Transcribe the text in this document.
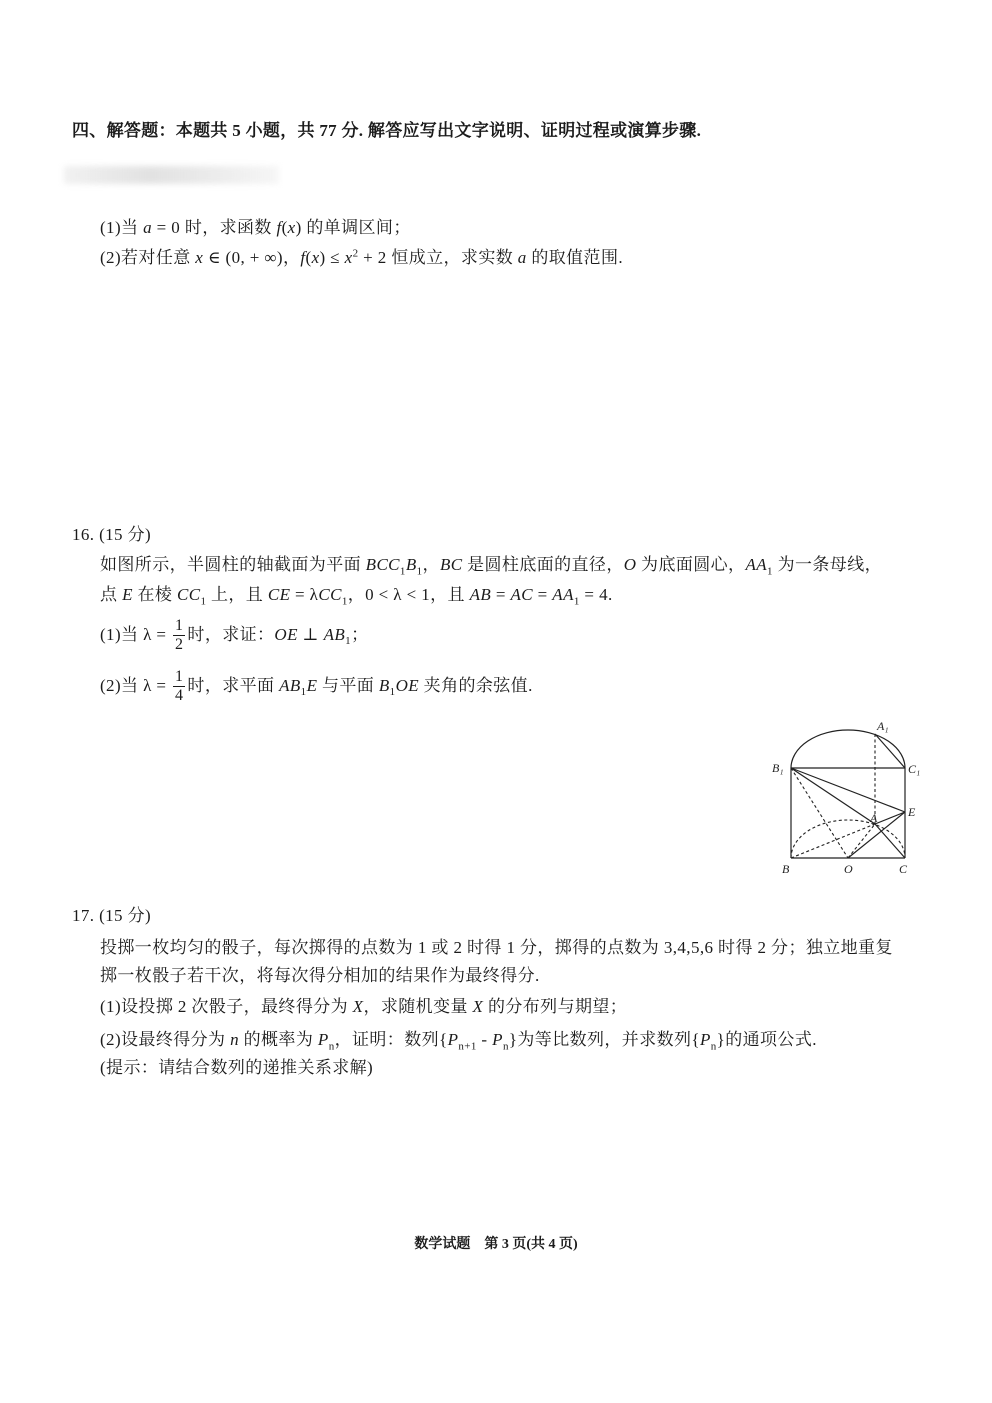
四、解答题：本题共 5 小题，共 77 分. 解答应写出文字说明、证明过程或演算步骤.
(1)当 a = 0 时，求函数 f(x) 的单调区间；
(2)若对任意 x ∈ (0, + ∞)，$f(x) \le x^2 + 2$ 恒成立，求实数 a 的取值范围.
16. (15 分)
如图所示，半圆柱的轴截面为平面 $BCC_1B_1$，BC 是圆柱底面的直径，O 为底面圆心，$AA_1$ 为一条母线，
点 E 在棱 $CC_1$ 上，且 CE = λCC$_1$，0 < λ < 1，且 AB = AC = $AA_1 = 4$.
(1)当 $\lambda = \frac{1}{2}$ 时，求证：OE ⊥ $AB_1$；
(2)当 $\lambda = \frac{1}{4}$ 时，求平面 $AB_1E$ 与平面 $B_1OE$ 夹角的余弦值.
A₁
B₁	C₁
E
A
B	O	C
17. (15 分)
投掷一枚均匀的骰子，每次掷得的点数为 1 或 2 时得 1 分，掷得的点数为 3,4,5,6 时得 2 分；独立地重复
掷一枚骰子若干次，将每次得分相加的结果作为最终得分.
(1)设投掷 2 次骰子，最终得分为 X，求随机变量 X 的分布列与期望；
(2)设最终得分为 n 的概率为 $P_n$，证明：数列$\{P_{n+1} - P_n\}$为等比数列，并求数列$\{P_n\}$的通项公式.
(提示：请结合数列的递推关系求解)
数学试题　第 3 页(共 4 页)
